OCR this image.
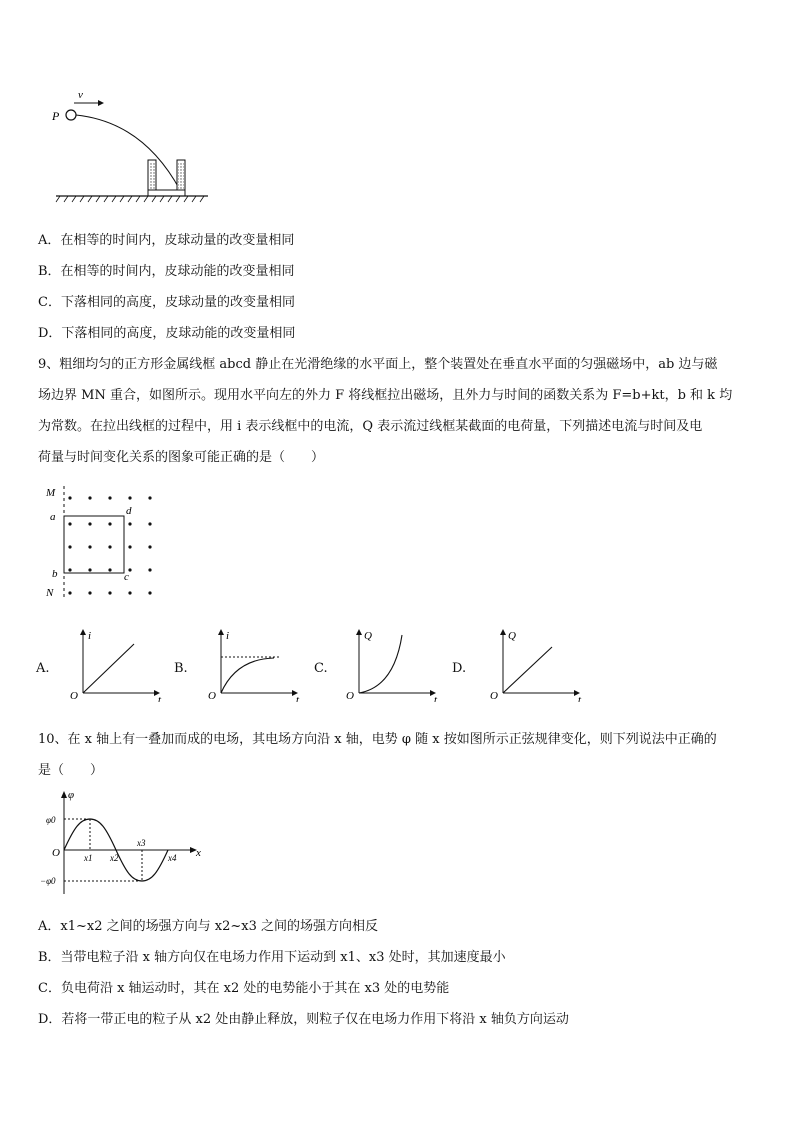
v
P
A．在相等的时间内，皮球动量的改变量相同
B．在相等的时间内，皮球动能的改变量相同
C．下落相同的高度，皮球动量的改变量相同
D．下落相同的高度，皮球动能的改变量相同
9、粗细均匀的正方形金属线框 abcd 静止在光滑绝缘的水平面上，整个装置处在垂直水平面的匀强磁场中，ab 边与磁
场边界 MN 重合，如图所示。现用水平向左的外力 F 将线框拉出磁场，且外力与时间的函数关系为 F=b+kt，b 和 k 均
为常数。在拉出线框的过程中，用 i 表示线框中的电流，Q 表示流过线框某截面的电荷量，下列描述电流与时间及电
荷量与时间变化关系的图象可能正确的是（　　）
M
a	d
b	c
N
A.
i
t
O
B.
i
t
O
C.
Q
t
O
D.
Q
t
O
10、在 x 轴上有一叠加而成的电场，其电场方向沿 x 轴，电势 φ 随 x 按如图所示正弦规律变化，则下列说法中正确的
是（　　）
φ
x
O
φ0
−φ0
x1 x2
x3
x4
A．x1~x2 之间的场强方向与 x2~x3 之间的场强方向相反
B．当带电粒子沿 x 轴方向仅在电场力作用下运动到 x1、x3 处时，其加速度最小
C．负电荷沿 x 轴运动时，其在 x2 处的电势能小于其在 x3 处的电势能
D．若将一带正电的粒子从 x2 处由静止释放，则粒子仅在电场力作用下将沿 x 轴负方向运动
